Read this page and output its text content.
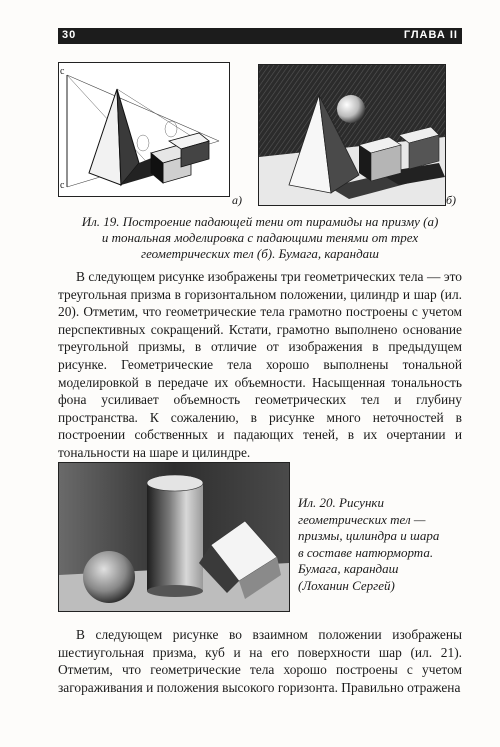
30	ГЛАВА II
с
с
а)	б)
Ил. 19. Построение падающей тени от пирамиды на призму (а)
и тональная моделировка с падающими тенями от трех
геометрических тел (б). Бумага, карандаш

В следующем рисунке изображены три геометрических тела — это треугольная призма в горизонтальном положении, цилиндр и шар (ил. 20). Отметим, что геометрические тела грамотно построены с учетом перспективных сокращений. Кстати, грамотно выполнено основание треугольной призмы, в отличие от изображения в предыдущем рисунке. Геометрические тела хорошо выполнены тональной моделировкой в передаче их объемности. Насыщенная тональность фона усиливает объемность геометрических тел и глубину пространства. К сожалению, в рисунке много неточностей в построении собственных и падающих теней, в их очертании и тональности на шаре и цилиндре.

Ил. 20. Рисунки
геометрических тел —
призмы, цилиндра и шара
в составе натюрморта.
Бумага, карандаш
(Лоханин Сергей)

В следующем рисунке во взаимном положении изображены шестиугольная призма, куб и на его поверхности шар (ил. 21). Отметим, что геометрические тела хорошо построены с учетом загораживания и положения высокого горизонта. Правильно отражена
